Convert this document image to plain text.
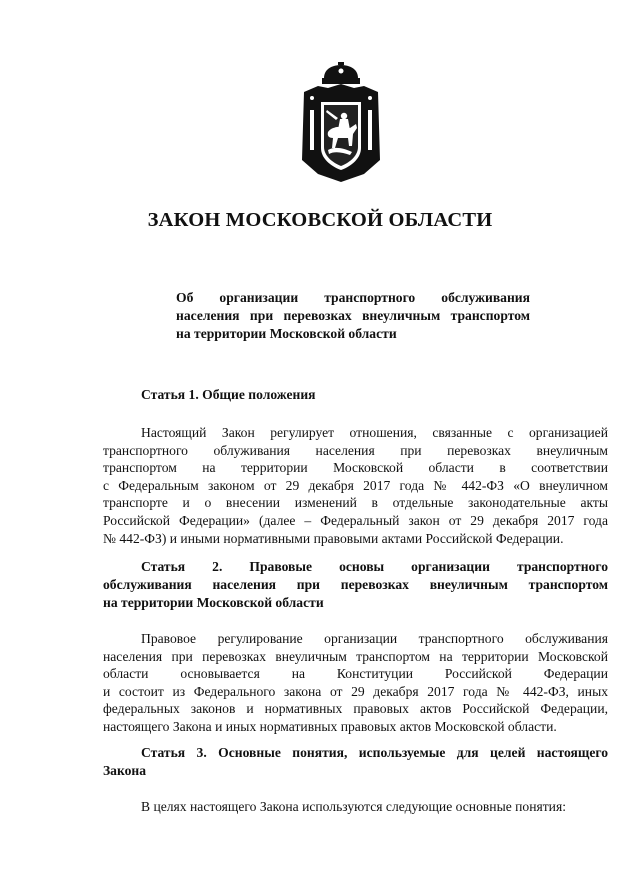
ЗАКОН МОСКОВСКОЙ ОБЛАСТИ
Об организации транспортного обслуживания
населения при перевозках внеуличным транспортом
на территории Московской области
Статья 1. Общие положения
Настоящий Закон регулирует отношения, связанные с организацией
транспортного облуживания населения при перевозках внеуличным
транспортом на территории Московской области в соответствии
с Федеральным законом от 29 декабря 2017 года № 442-ФЗ «О внеуличном
транспорте и о внесении изменений в отдельные законодательные акты
Российской Федерации» (далее – Федеральный закон от 29 декабря 2017 года
№ 442-ФЗ) и иными нормативными правовыми актами Российской Федерации.
Статья 2. Правовые основы организации транспортного
обслуживания населения при перевозках внеуличным транспортом
на территории Московской области
Правовое регулирование организации транспортного обслуживания
населения при перевозках внеуличным транспортом на территории Московской
области основывается на Конституции Российской Федерации
и состоит из Федерального закона от 29 декабря 2017 года № 442-ФЗ, иных
федеральных законов и нормативных правовых актов Российской Федерации,
настоящего Закона и иных нормативных правовых актов Московской области.
Статья 3. Основные понятия, используемые для целей настоящего
Закона
В целях настоящего Закона используются следующие основные понятия:
